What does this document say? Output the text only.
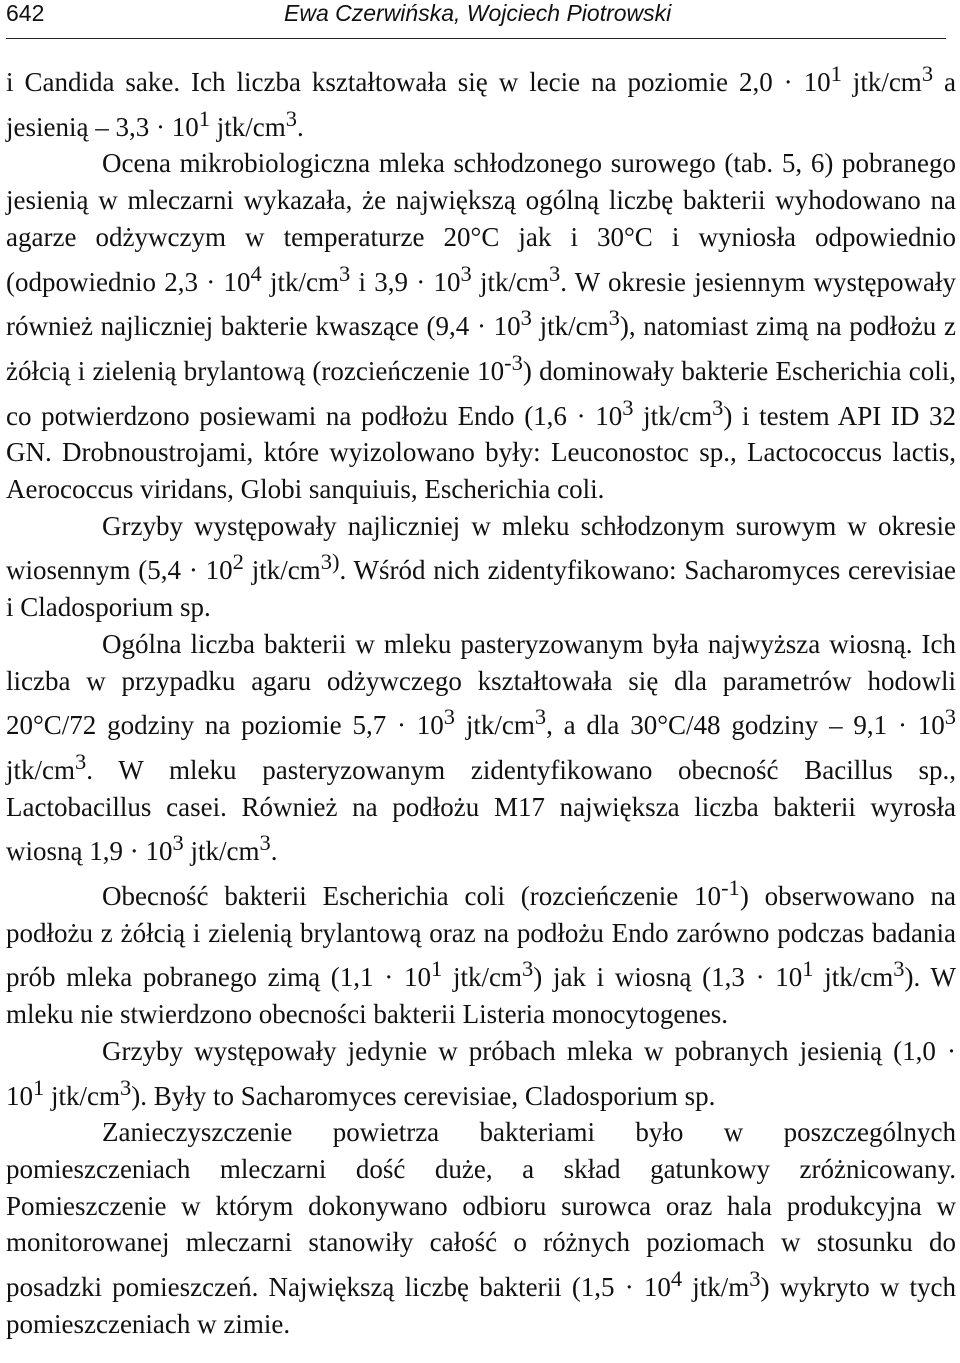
642	Ewa Czerwińska, Wojciech Piotrowski

i Candida sake. Ich liczba kształtowała się w lecie na poziomie $2,0 \cdot 10^1$ jtk/$cm^3$ a jesienią – $3,3 \cdot 10^1$ jtk/$cm^3$.

Ocena mikrobiologiczna mleka schłodzonego surowego (tab. 5, 6) pobranego jesienią w mleczarni wykazała, że największą ogólną liczbę bakterii wyhodowano na agarze odżywczym w temperaturze 20°C jak i 30°C i wyniosła odpowiednio (odpowiednio $2,3 \cdot 10^4$ jtk/$cm^3$ i $3,9 \cdot 10^3$ jtk/$cm^3$. W okresie jesiennym występowały również najliczniej bakterie kwaszące ($9,4 \cdot 10^3$ jtk/$cm^3$), natomiast zimą na podłożu z żółcią i zielenią brylantową (rozcieńczenie $10^{-3}$) dominowały bakterie Escherichia coli, co potwierdzono posiewami na podłożu Endo ($1,6 \cdot 10^3$ jtk/$cm^3$) i testem API ID 32 GN. Drobnoustrojami, które wyizolowano były: Leuconostoc sp., Lactococcus lactis, Aerococcus viridans, Globi sanquiuis, Escherichia coli.

Grzyby występowały najliczniej w mleku schłodzonym surowym w okresie wiosennym ($5,4 \cdot 10^2$ jtk/$cm^{3)}$. Wśród nich zidentyfikowano: Sacharomyces cerevisiae i Cladosporium sp.

Ogólna liczba bakterii w mleku pasteryzowanym była najwyższa wiosną. Ich liczba w przypadku agaru odżywczego kształtowała się dla parametrów hodowli 20°C/72 godziny na poziomie $5,7 \cdot 10^3$ jtk/$cm^3$, a dla 30°C/48 godziny – $9,1 \cdot 10^3$ jtk/$cm^3$. W mleku pasteryzowanym zidentyfikowano obecność Bacillus sp., Lactobacillus casei. Również na podłożu M17 największa liczba bakterii wyrosła wiosną $1,9 \cdot 10^3$ jtk/$cm^3$.

Obecność bakterii Escherichia coli (rozcieńczenie $10^{-1}$) obserwowano na podłożu z żółcią i zielenią brylantową oraz na podłożu Endo zarówno podczas badania prób mleka pobranego zimą ($1,1 \cdot 10^1$ jtk/$cm^3$) jak i wiosną ($1,3 \cdot 10^1$ jtk/$cm^3$). W mleku nie stwierdzono obecności bakterii Listeria monocytogenes.

Grzyby występowały jedynie w próbach mleka w pobranych jesienią ($1,0 \cdot 10^1$ jtk/$cm^3$). Były to Sacharomyces cerevisiae, Cladosporium sp.

Zanieczyszczenie powietrza bakteriami było w poszczególnych pomieszczeniach mleczarni dość duże, a skład gatunkowy zróżnicowany. Pomieszczenie w którym dokonywano odbioru surowca oraz hala produkcyjna w monitorowanej mleczarni stanowiły całość o różnych poziomach w stosunku do posadzki pomieszczeń. Największą liczbę bakterii ($1,5 \cdot 10^4$ jtk/$m^3$) wykryto w tych pomieszczeniach w zimie.
